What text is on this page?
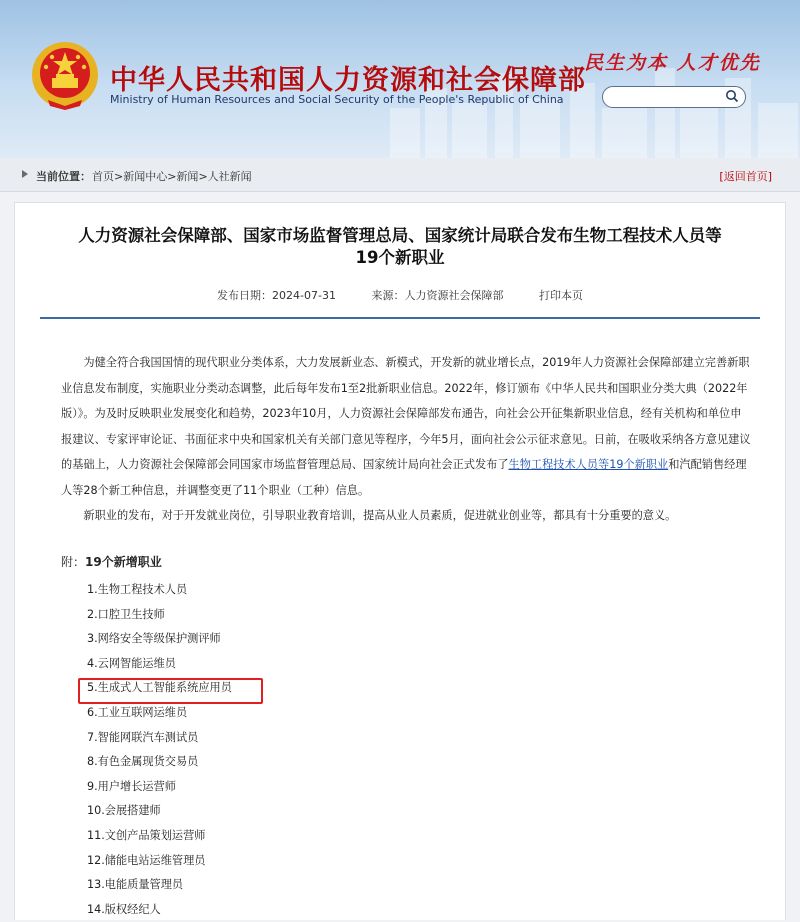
中华人民共和国人力资源和社会保障部
Ministry of Human Resources and Social Security of the People's Republic of China
民生为本 人才优先
当前位置： 首页>新闻中心>新闻>人社新闻	[返回首页]
人力资源社会保障部、国家市场监督管理总局、国家统计局联合发布生物工程技术人员等
19个新职业
发布日期：2024-07-31	来源：人力资源社会保障部	打印本页

为健全符合我国国情的现代职业分类体系，大力发展新业态、新模式，开发新的就业增长点，2019年人力资源社会保障部建立完善新职业信息发布制度，实施职业分类动态调整，此后每年发布1至2批新职业信息。2022年，修订颁布《中华人民共和国职业分类大典（2022年版）》。为及时反映职业发展变化和趋势，2023年10月，人力资源社会保障部发布通告，向社会公开征集新职业信息，经有关机构和单位申报建议、专家评审论证、书面征求中央和国家机关有关部门意见等程序，今年5月，面向社会公示征求意见。日前，在吸收采纳各方意见建议的基础上，人力资源社会保障部会同国家市场监督管理总局、国家统计局向社会正式发布了生物工程技术人员等19个新职业和汽配销售经理人等28个新工种信息，并调整变更了11个职业（工种）信息。

新职业的发布，对于开发就业岗位，引导职业教育培训，提高从业人员素质，促进就业创业等，都具有十分重要的意义。

附：19个新增职业
1.生物工程技术人员
2.口腔卫生技师
3.网络安全等级保护测评师
4.云网智能运维员
5.生成式人工智能系统应用员
6.工业互联网运维员
7.智能网联汽车测试员
8.有色金属现货交易员
9.用户增长运营师
10.会展搭建师
11.文创产品策划运营师
12.储能电站运维管理员
13.电能质量管理员
14.版权经纪人
